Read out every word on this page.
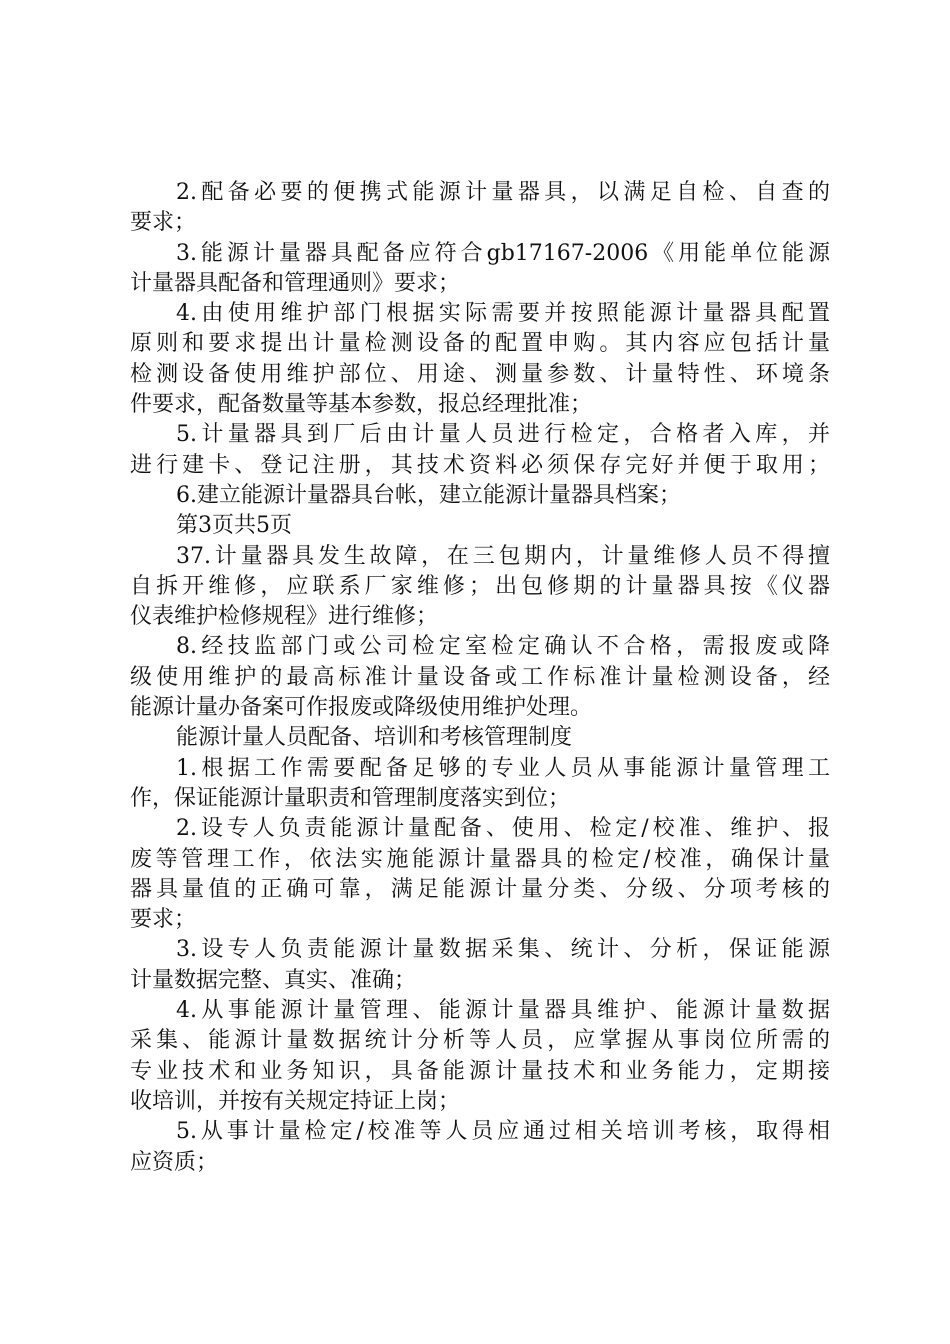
2.配备必要的便携式能源计量器具，以满足自检、自查的
要求；
3.能源计量器具配备应符合gb17167-2006《用能单位能源
计量器具配备和管理通则》要求；
4.由使用维护部门根据实际需要并按照能源计量器具配置
原则和要求提出计量检测设备的配置申购。其内容应包括计量
检测设备使用维护部位、用途、测量参数、计量特性、环境条
件要求，配备数量等基本参数，报总经理批准；
5.计量器具到厂后由计量人员进行检定，合格者入库，并
进行建卡、登记注册，其技术资料必须保存完好并便于取用；
6.建立能源计量器具台帐，建立能源计量器具档案；
第3页共5页
37.计量器具发生故障，在三包期内，计量维修人员不得擅
自拆开维修，应联系厂家维修；出包修期的计量器具按《仪器
仪表维护检修规程》进行维修；
8.经技监部门或公司检定室检定确认不合格，需报废或降
级使用维护的最高标准计量设备或工作标准计量检测设备，经
能源计量办备案可作报废或降级使用维护处理。
能源计量人员配备、培训和考核管理制度
1.根据工作需要配备足够的专业人员从事能源计量管理工
作，保证能源计量职责和管理制度落实到位；
2.设专人负责能源计量配备、使用、检定/校准、维护、报
废等管理工作，依法实施能源计量器具的检定/校准，确保计量
器具量值的正确可靠，满足能源计量分类、分级、分项考核的
要求；
3.设专人负责能源计量数据采集、统计、分析，保证能源
计量数据完整、真实、准确；
4.从事能源计量管理、能源计量器具维护、能源计量数据
采集、能源计量数据统计分析等人员，应掌握从事岗位所需的
专业技术和业务知识，具备能源计量技术和业务能力，定期接
收培训，并按有关规定持证上岗；
5.从事计量检定/校准等人员应通过相关培训考核，取得相
应资质；
